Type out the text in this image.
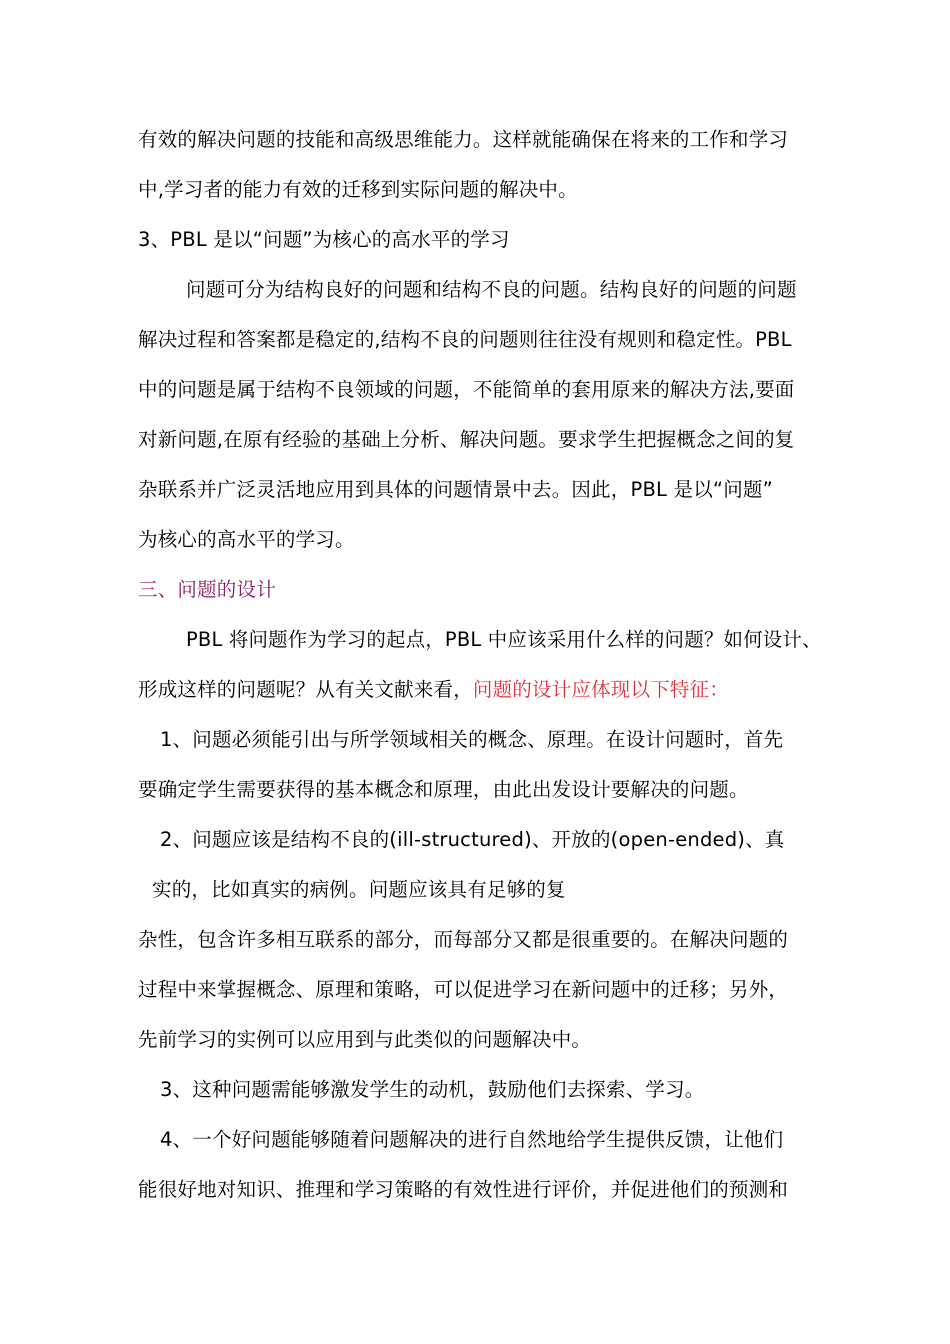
有效的解决问题的技能和高级思维能力。这样就能确保在将来的工作和学习
中,学习者的能力有效的迁移到实际问题的解决中。
3、PBL 是以“问题”为核心的高水平的学习
问题可分为结构良好的问题和结构不良的问题。结构良好的问题的问题
解决过程和答案都是稳定的,结构不良的问题则往往没有规则和稳定性。PBL
中的问题是属于结构不良领域的问题，不能简单的套用原来的解决方法,要面
对新问题,在原有经验的基础上分析、解决问题。要求学生把握概念之间的复
杂联系并广泛灵活地应用到具体的问题情景中去。因此，PBL 是以“问题”
为核心的高水平的学习。
三、问题的设计
PBL 将问题作为学习的起点，PBL 中应该采用什么样的问题？如何设计、
形成这样的问题呢？从有关文献来看，问题的设计应体现以下特征：
1、问题必须能引出与所学领域相关的概念、原理。在设计问题时，首先
要确定学生需要获得的基本概念和原理，由此出发设计要解决的问题。
2、问题应该是结构不良的(ill-structured)、开放的(open-ended)、真
实的，比如真实的病例。问题应该具有足够的复
杂性，包含许多相互联系的部分，而每部分又都是很重要的。在解决问题的
过程中来掌握概念、原理和策略，可以促进学习在新问题中的迁移；另外，
先前学习的实例可以应用到与此类似的问题解决中。
3、这种问题需能够激发学生的动机，鼓励他们去探索、学习。
4、一个好问题能够随着问题解决的进行自然地给学生提供反馈，让他们
能很好地对知识、推理和学习策略的有效性进行评价，并促进他们的预测和
